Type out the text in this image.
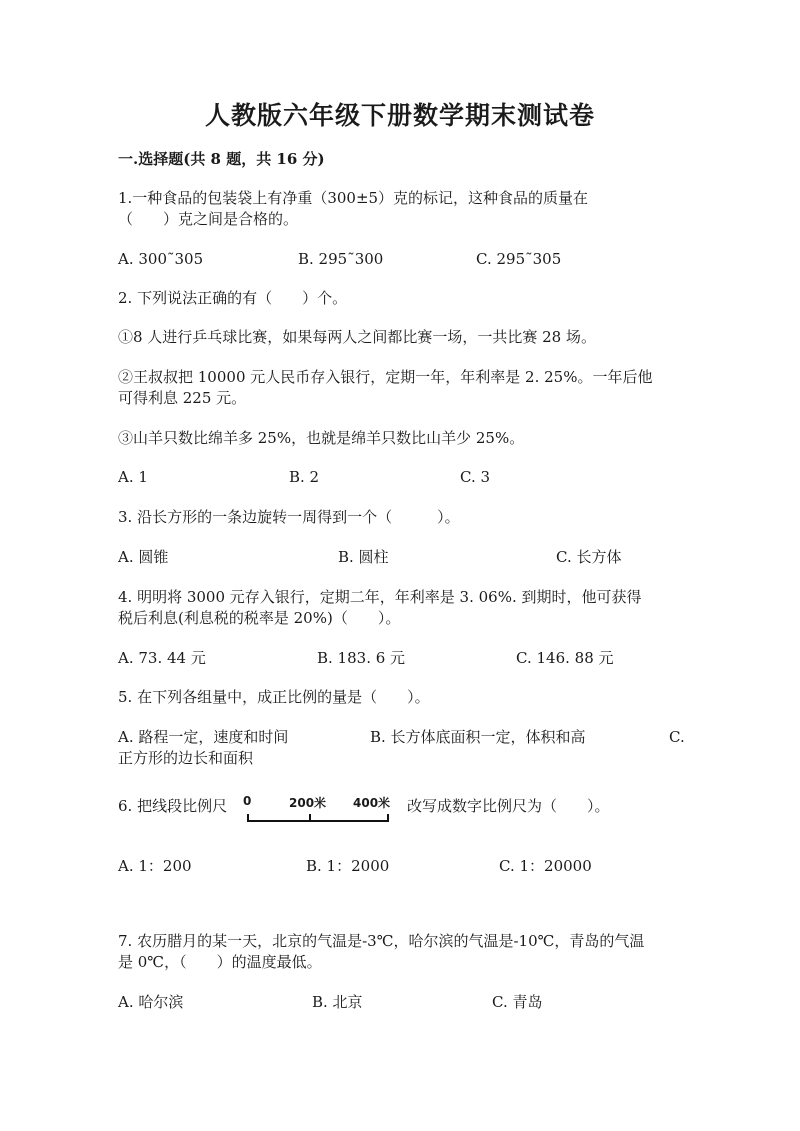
人教版六年级下册数学期末测试卷
一.选择题(共 8 题，共 16 分)

1.一种食品的包装袋上有净重（300±5）克的标记，这种食品的质量在

（　　）克之间是合格的。

A. 300˜305	B. 295˜300	C. 295˜305

2. 下列说法正确的有（　　）个。

①8 人进行乒乓球比赛，如果每两人之间都比赛一场，一共比赛 28 场。

②王叔叔把 10000 元人民币存入银行，定期一年，年利率是 2. 25%。一年后他

可得利息 225 元。

③山羊只数比绵羊多 25%，也就是绵羊只数比山羊少 25%。

A. 1	B. 2	C. 3

3. 沿长方形的一条边旋转一周得到一个（　　　）。

A. 圆锥	B. 圆柱	C. 长方体

4. 明明将 3000 元存入银行，定期二年，年利率是 3. 06%. 到期时，他可获得

税后利息(利息税的税率是 20%)（　　）。

A. 73. 44 元	B. 183. 6 元	C. 146. 88 元

5. 在下列各组量中，成正比例的量是（　　）。

A. 路程一定，速度和时间	B. 长方体底面积一定，体积和高	C.
正方形的边长和面积
6. 把线段比例尺 0	200米 400米 改写成数字比例尺为（　　）。
A. 1：200	B. 1：2000	C. 1：20000

7. 农历腊月的某一天，北京的气温是-3℃，哈尔滨的气温是-10℃，青岛的气温

是 0℃，（　　）的温度最低。

A. 哈尔滨	B. 北京	C. 青岛
